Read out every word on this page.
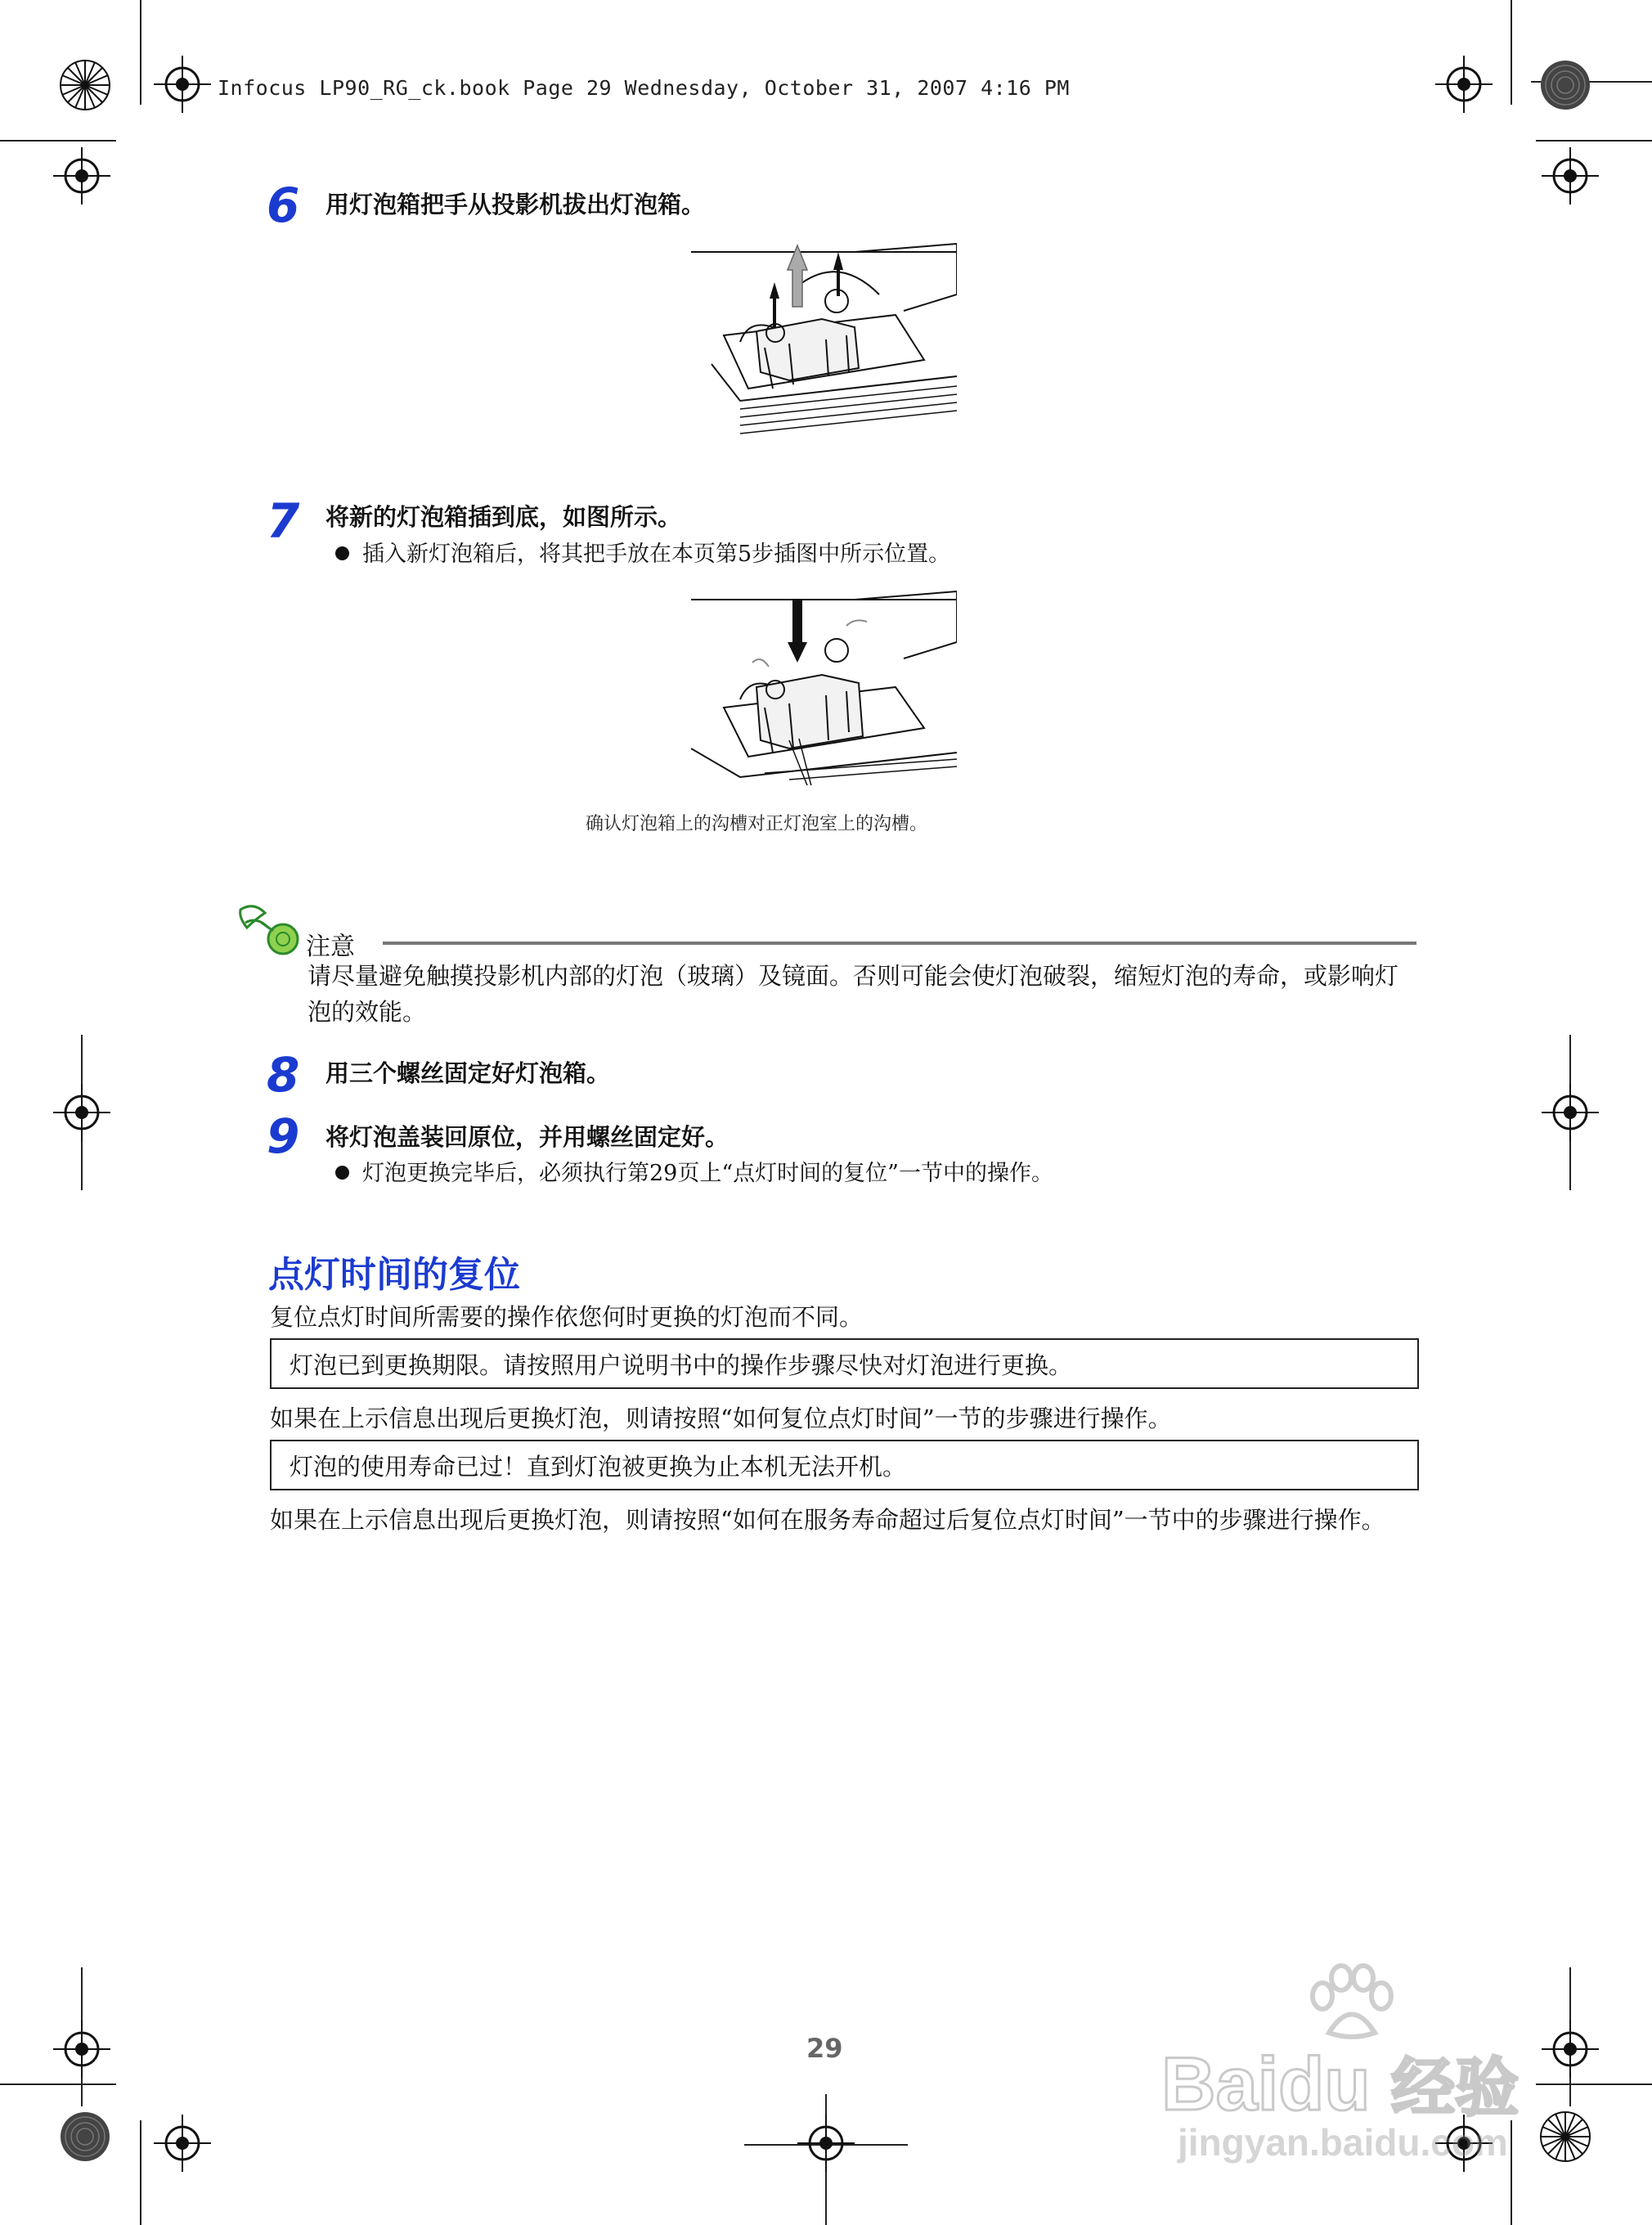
Infocus LP90_RG_ck.book Page 29 Wednesday, October 31, 2007 4:16 PM
6 用灯泡箱把手从投影机拔出灯泡箱。
7 将新的灯泡箱插到底，如图所示。
插入新灯泡箱后，将其把手放在本页第5步插图中所示位置。
确认灯泡箱上的沟槽对正灯泡室上的沟槽。
注意
请尽量避免触摸投影机内部的灯泡（玻璃）及镜面。否则可能会使灯泡破裂，缩短灯泡的寿命，或影响灯泡的效能。
8 用三个螺丝固定好灯泡箱。
9 将灯泡盖装回原位，并用螺丝固定好。
灯泡更换完毕后，必须执行第29页上“点灯时间的复位”一节中的操作。
点灯时间的复位
复位点灯时间所需要的操作依您何时更换的灯泡而不同。
灯泡已到更换期限。请按照用户说明书中的操作步骤尽快对灯泡进行更换。
如果在上示信息出现后更换灯泡，则请按照“如何复位点灯时间”一节的步骤进行操作。
灯泡的使用寿命已过！直到灯泡被更换为止本机无法开机。
如果在上示信息出现后更换灯泡，则请按照“如何在服务寿命超过后复位点灯时间”一节中的步骤进行操作。
29	Baidu 经验
jingyan.baidu.com
